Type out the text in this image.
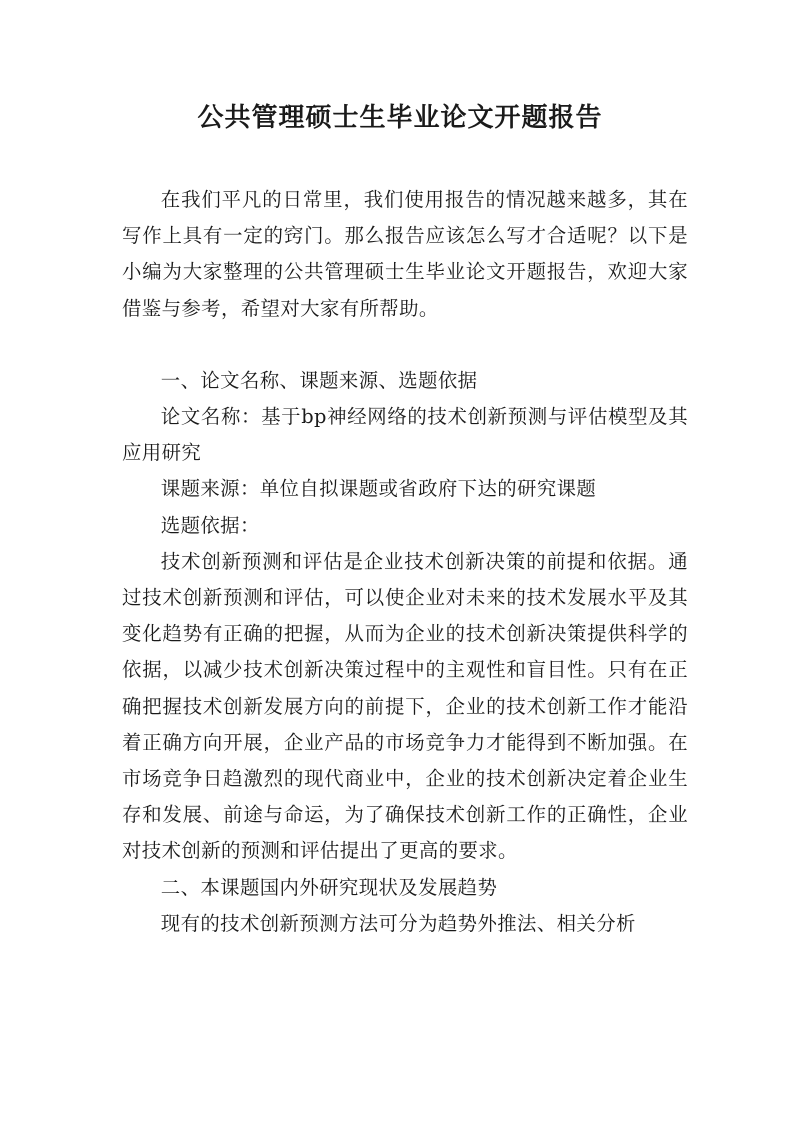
公共管理硕士生毕业论文开题报告

在我们平凡的日常里，我们使用报告的情况越来越多，其在写作上具有一定的窍门。那么报告应该怎么写才合适呢？以下是小编为大家整理的公共管理硕士生毕业论文开题报告，欢迎大家借鉴与参考，希望对大家有所帮助。

一、论文名称、课题来源、选题依据

论文名称：基于bp神经网络的技术创新预测与评估模型及其应用研究

课题来源：单位自拟课题或省政府下达的研究课题

选题依据：

技术创新预测和评估是企业技术创新决策的前提和依据。通过技术创新预测和评估，可以使企业对未来的技术发展水平及其变化趋势有正确的把握，从而为企业的技术创新决策提供科学的依据，以减少技术创新决策过程中的主观性和盲目性。只有在正确把握技术创新发展方向的前提下，企业的技术创新工作才能沿着正确方向开展，企业产品的市场竞争力才能得到不断加强。在市场竞争日趋激烈的现代商业中，企业的技术创新决定着企业生存和发展、前途与命运，为了确保技术创新工作的正确性，企业对技术创新的预测和评估提出了更高的要求。

二、本课题国内外研究现状及发展趋势

现有的技术创新预测方法可分为趋势外推法、相关分析
